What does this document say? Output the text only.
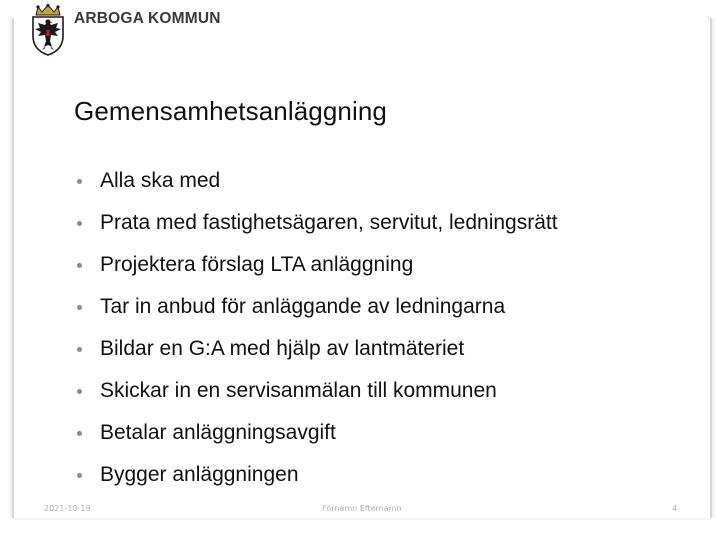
ARBOGA KOMMUN
Gemensamhetsanläggning
Alla ska med
Prata med fastighetsägaren, servitut, ledningsrätt
Projektera förslag LTA anläggning
Tar in anbud för anläggande av ledningarna
Bildar en G:A med hjälp av lantmäteriet
Skickar in en servisanmälan till kommunen
Betalar anläggningsavgift
Bygger anläggningen
2021-10-19	Förnamn Efternamn	4
